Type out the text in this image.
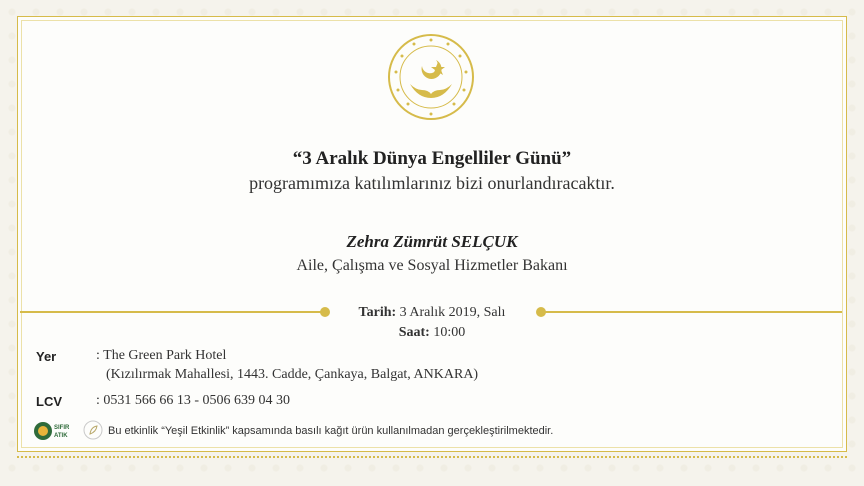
“3 Aralık Dünya Engelliler Günü”
programımıza katılımlarınız bizi onurlandıracaktır.
Zehra Zümrüt SELÇUK
Aile, Çalışma ve Sosyal Hizmetler Bakanı
Tarih: 3 Aralık 2019, Salı
Saat: 10:00
Yer	: The Green Park Hotel
(Kızılırmak Mahallesi, 1443. Cadde, Çankaya, Balgat, ANKARA)
LCV : 0531 566 66 13 - 0506 639 04 30
SIFIR
ATIK	Bu etkinlik “Yeşil Etkinlik” kapsamında basılı kağıt ürün kullanılmadan gerçekleştirilmektedir.
